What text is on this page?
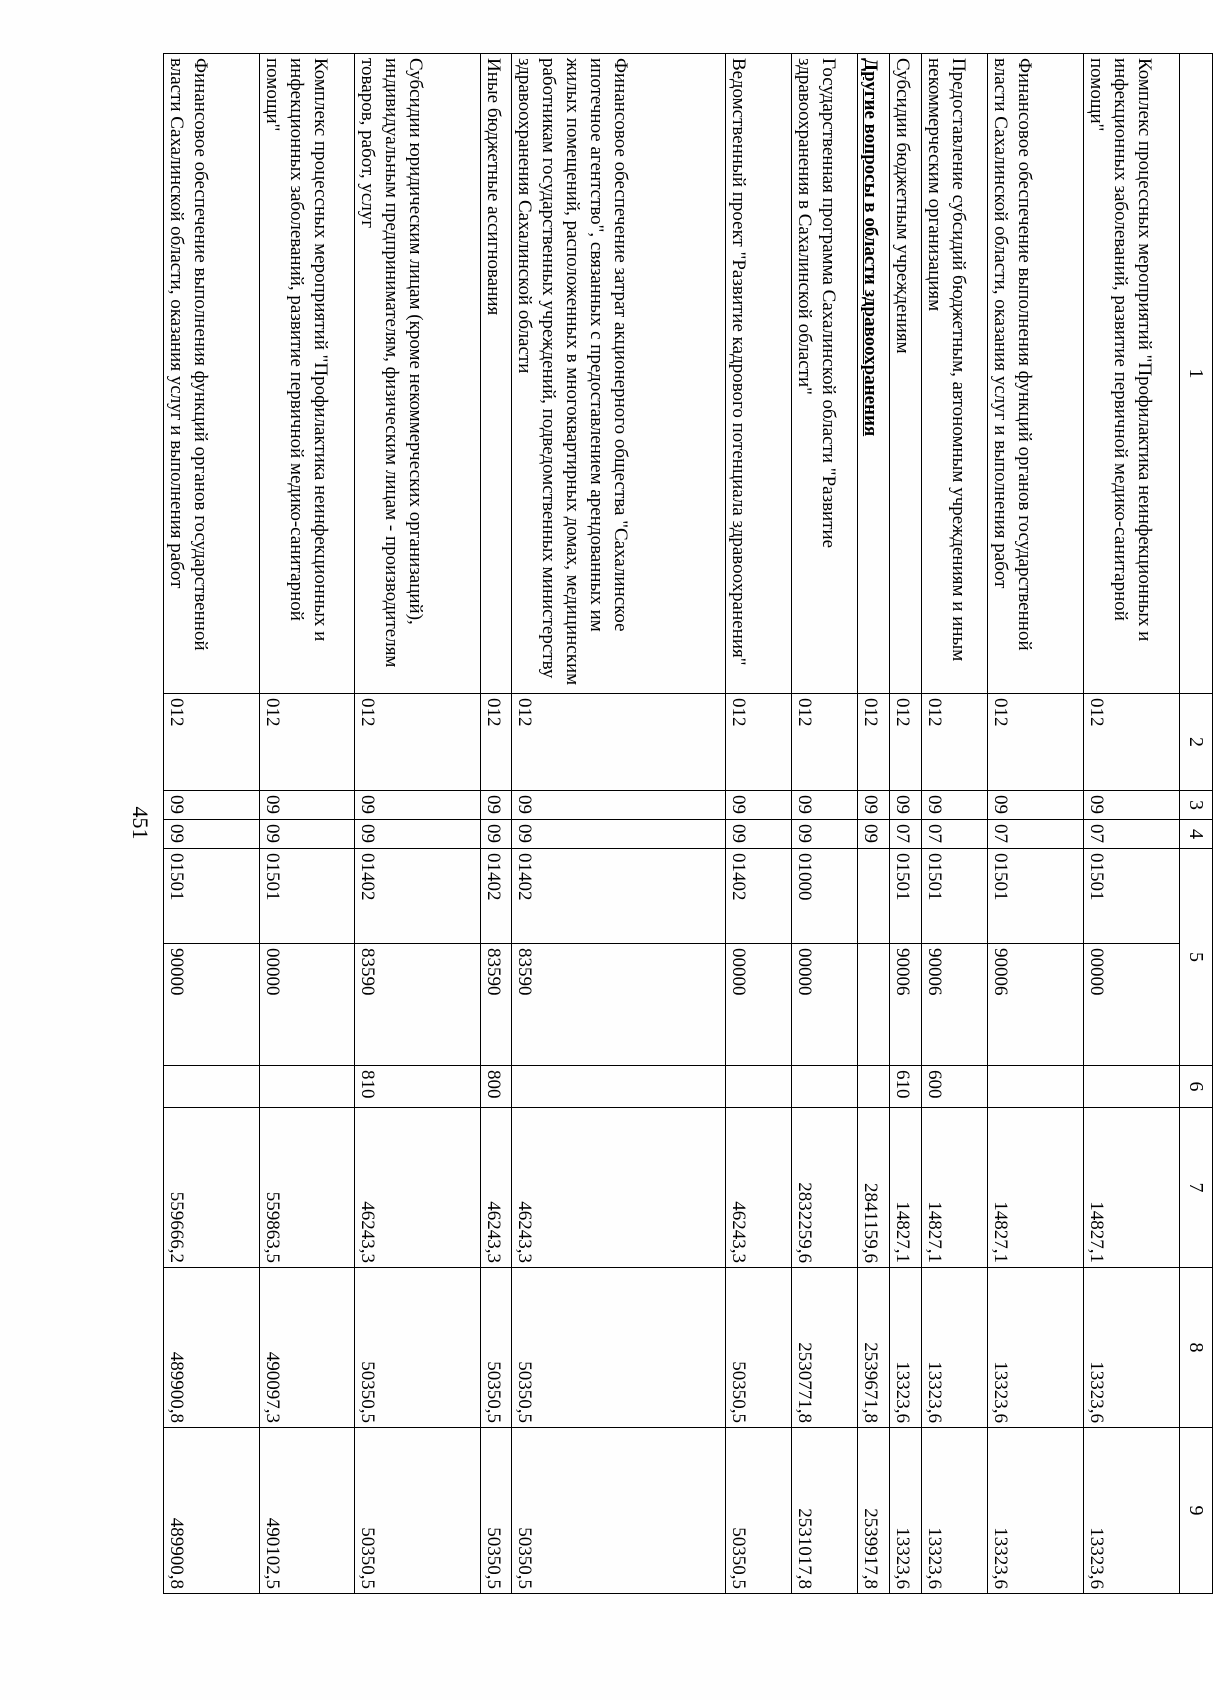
1	2	3	4	5		6	7	8	9
Комплекс процессных мероприятий "Профилактика неинфекционных и инфекционных заболеваний, развитие первичной медико-санитарной помощи"	012	09	07	01501	00000		14827,1	13323,6	13323,6
Финансовое обеспечение выполнения функций органов государственной власти Сахалинской области, оказания услуг и выполнения работ	012	09	07	01501	90006		14827,1	13323,6	13323,6
Предоставление субсидий бюджетным, автономным учреждениям и иным некоммерческим организациям	012	09	07	01501	90006	600	14827,1	13323,6	13323,6
Субсидии бюджетным учреждениям	012	09	07	01501	90006	610	14827,1	13323,6	13323,6
Другие вопросы в области здравоохранения	012	09	09				2841159,6	2539671,8	2539917,8
Государственная программа Сахалинской области "Развитие здравоохранения в Сахалинской области"	012	09	09	01000	00000		2832259,6	2530771,8	2531017,8
Ведомственный проект "Развитие кадрового потенциала здравоохранения"	012	09	09	01402	00000		46243,3	50350,5	50350,5
Финансовое обеспечение затрат акционерного общества "Сахалинское ипотечное агентство", связанных с предоставлением арендованных им жилых помещений, расположенных в многоквартирных домах, медицинским работникам государственных учреждений, подведомственных министерству здравоохранения Сахалинской области	012	09	09	01402	83590		46243,3	50350,5	50350,5
Иные бюджетные ассигнования	012	09	09	01402	83590	800	46243,3	50350,5	50350,5
Субсидии юридическим лицам (кроме некоммерческих организаций), индивидуальным предпринимателям, физическим лицам - производителям товаров, работ, услуг	012	09	09	01402	83590	810	46243,3	50350,5	50350,5
Комплекс процессных мероприятий "Профилактика неинфекционных и инфекционных заболеваний, развитие первичной медико-санитарной помощи"	012	09	09	01501	00000		559863,5	490097,3	490102,5
Финансовое обеспечение выполнения функций органов государственной власти Сахалинской области, оказания услуг и выполнения работ	012	09	09	01501	90000		559666,2	489900,8	489900,8
451
